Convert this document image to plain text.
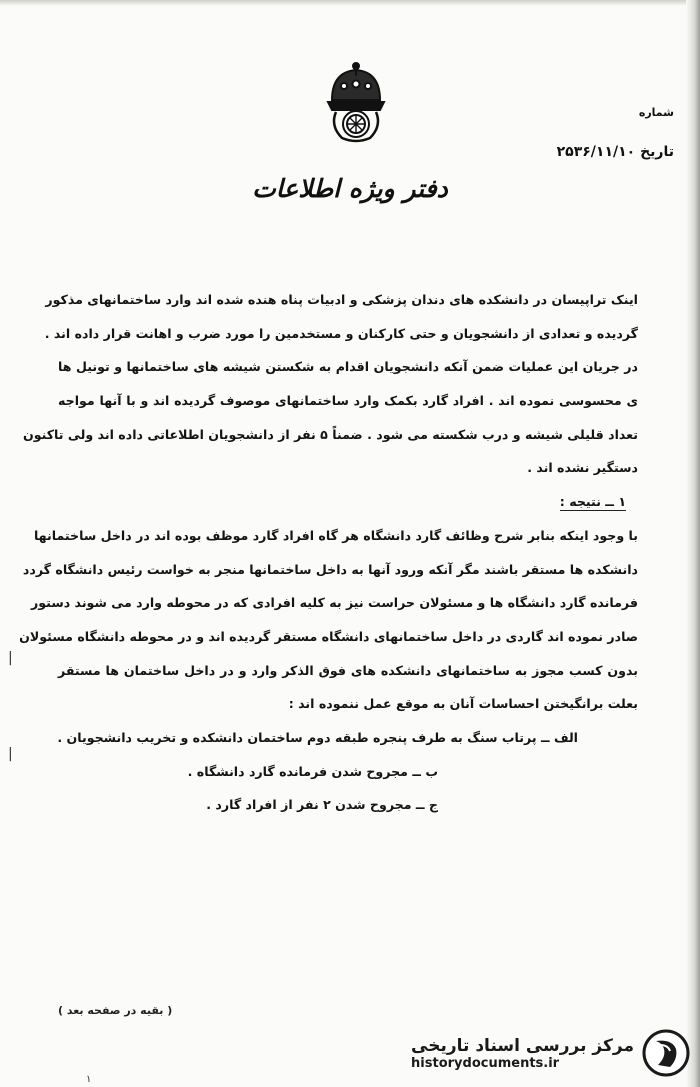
شماره
تاریخ ۲۵۳۶/۱۱/۱۰
دفتر ویژه اطلاعات
اینک تراپیسان در دانشکده های دندان پزشکی و ادبیات پناه هنده شده اند وارد ساختمانهای مذکور
گردیده و تعدادی از دانشجویان و حتی کارکنان و مستخدمین را مورد ضرب و اهانت قرار داده اند .
در جریان این عملیات ضمن آنکه دانشجویان اقدام به شکستن شیشه های ساختمانها و تونیل ها
ی محسوسی نموده اند . افراد گارد بکمک وارد ساختمانهای موصوف گردیده اند و با آنها مواجه
تعداد قلیلی شیشه و درب شکسته می شود . ضمناً ۵ نفر از دانشجویان اطلاعاتی داده اند ولی تاکنون
دستگیر نشده اند .
۱ ــ نتیجه :
با وجود اینکه بنابر شرح وظائف گارد دانشگاه هر گاه افراد گارد موظف بوده اند در داخل ساختمانها
دانشکده ها مستقر باشند مگر آنکه ورود آنها به داخل ساختمانها منجر به خواست رئیس دانشگاه گردد
فرمانده گارد دانشگاه ها و مسئولان حراست نیز به کلیه افرادی که در محوطه وارد می شوند دستور
صادر نموده اند گاردی در داخل ساختمانهای دانشگاه مستقر گردیده اند و در محوطه دانشگاه مسئولان
بدون کسب مجوز به ساختمانهای دانشکده های فوق الذکر وارد و در داخل ساختمان ها مستقر
بعلت برانگیختن احساسات آنان به موقع عمل ننموده اند :
الف ــ پرتاب سنگ به طرف پنجره طبقه دوم ساختمان دانشکده و تخریب دانشجویان .
ب ــ مجروح شدن فرمانده گارد دانشگاه .
ج ــ مجروح شدن ۲ نفر از افراد گارد .
( بقیه در صفحه بعد )
|
|
۱
مرکز بررسی اسناد تاریخی
historydocuments.ir
